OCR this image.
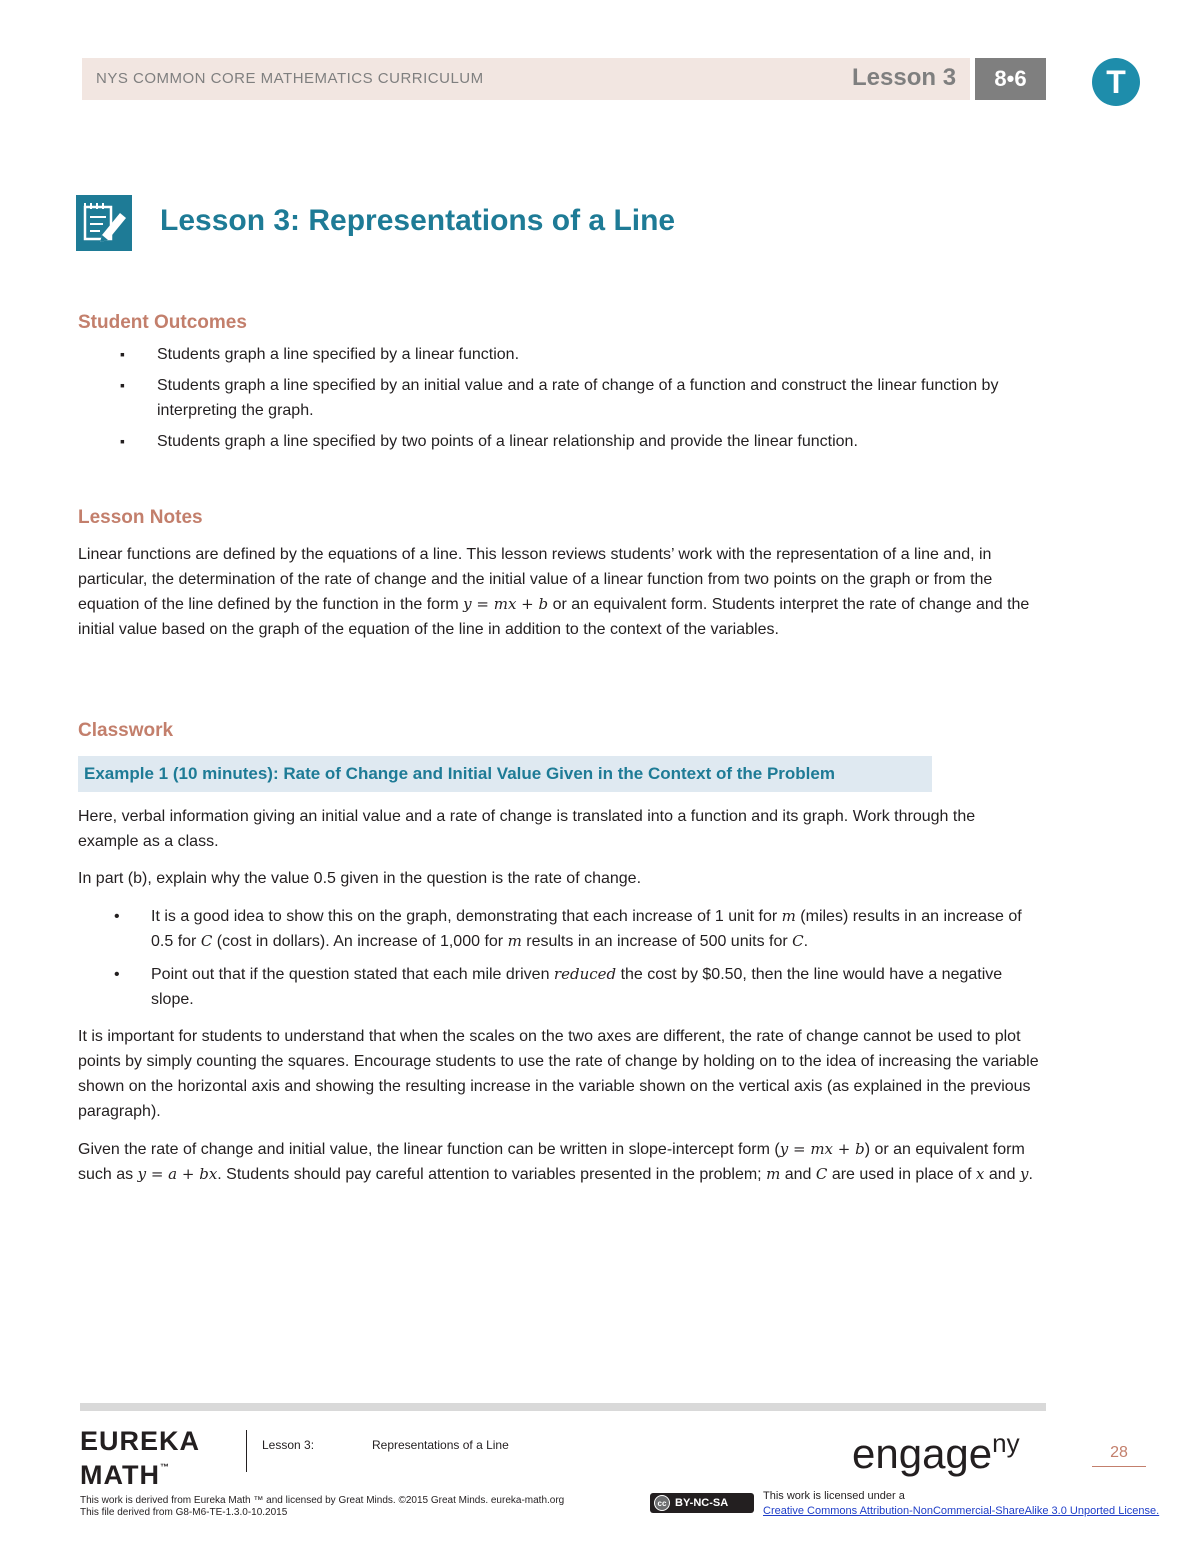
NYS COMMON CORE MATHEMATICS CURRICULUM	Lesson 3	8•6	T
Lesson 3: Representations of a Line
Student Outcomes
▪ Students graph a line specified by a linear function.
▪ Students graph a line specified by an initial value and a rate of change of a function and construct the linear function by interpreting the graph.
▪ Students graph a line specified by two points of a linear relationship and provide the linear function.
Lesson Notes
Linear functions are defined by the equations of a line. This lesson reviews students’ work with the representation of a line and, in particular, the determination of the rate of change and the initial value of a linear function from two points on the graph or from the equation of the line defined by the function in the form y = mx + b or an equivalent form. Students interpret the rate of change and the initial value based on the graph of the equation of the line in addition to the context of the variables.
Classwork
Example 1 (10 minutes): Rate of Change and Initial Value Given in the Context of the Problem
Here, verbal information giving an initial value and a rate of change is translated into a function and its graph. Work through the example as a class.
In part (b), explain why the value 0.5 given in the question is the rate of change.
• It is a good idea to show this on the graph, demonstrating that each increase of 1 unit for m (miles) results in an increase of 0.5 for C (cost in dollars). An increase of 1,000 for m results in an increase of 500 units for C.
• Point out that if the question stated that each mile driven reduced the cost by $0.50, then the line would have a negative slope.
It is important for students to understand that when the scales on the two axes are different, the rate of change cannot be used to plot points by simply counting the squares. Encourage students to use the rate of change by holding on to the idea of increasing the variable shown on the horizontal axis and showing the resulting increase in the variable shown on the vertical axis (as explained in the previous paragraph).
Given the rate of change and initial value, the linear function can be written in slope-intercept form (y = mx + b) or an equivalent form such as y = a + bx. Students should pay careful attention to variables presented in the problem; m and C are used in place of x and y.
EUREKA
MATH™
Lesson 3:	Representations of a Line	engage$^{ny}$	28
This work is derived from Eureka Math ™ and licensed by Great Minds. ©2015 Great Minds. eureka-math.org
This file derived from G8-M6-TE-1.3.0-10.2015
cc BY-NC-SA
This work is licensed under a
Creative Commons Attribution-NonCommercial-ShareAlike 3.0 Unported License.
